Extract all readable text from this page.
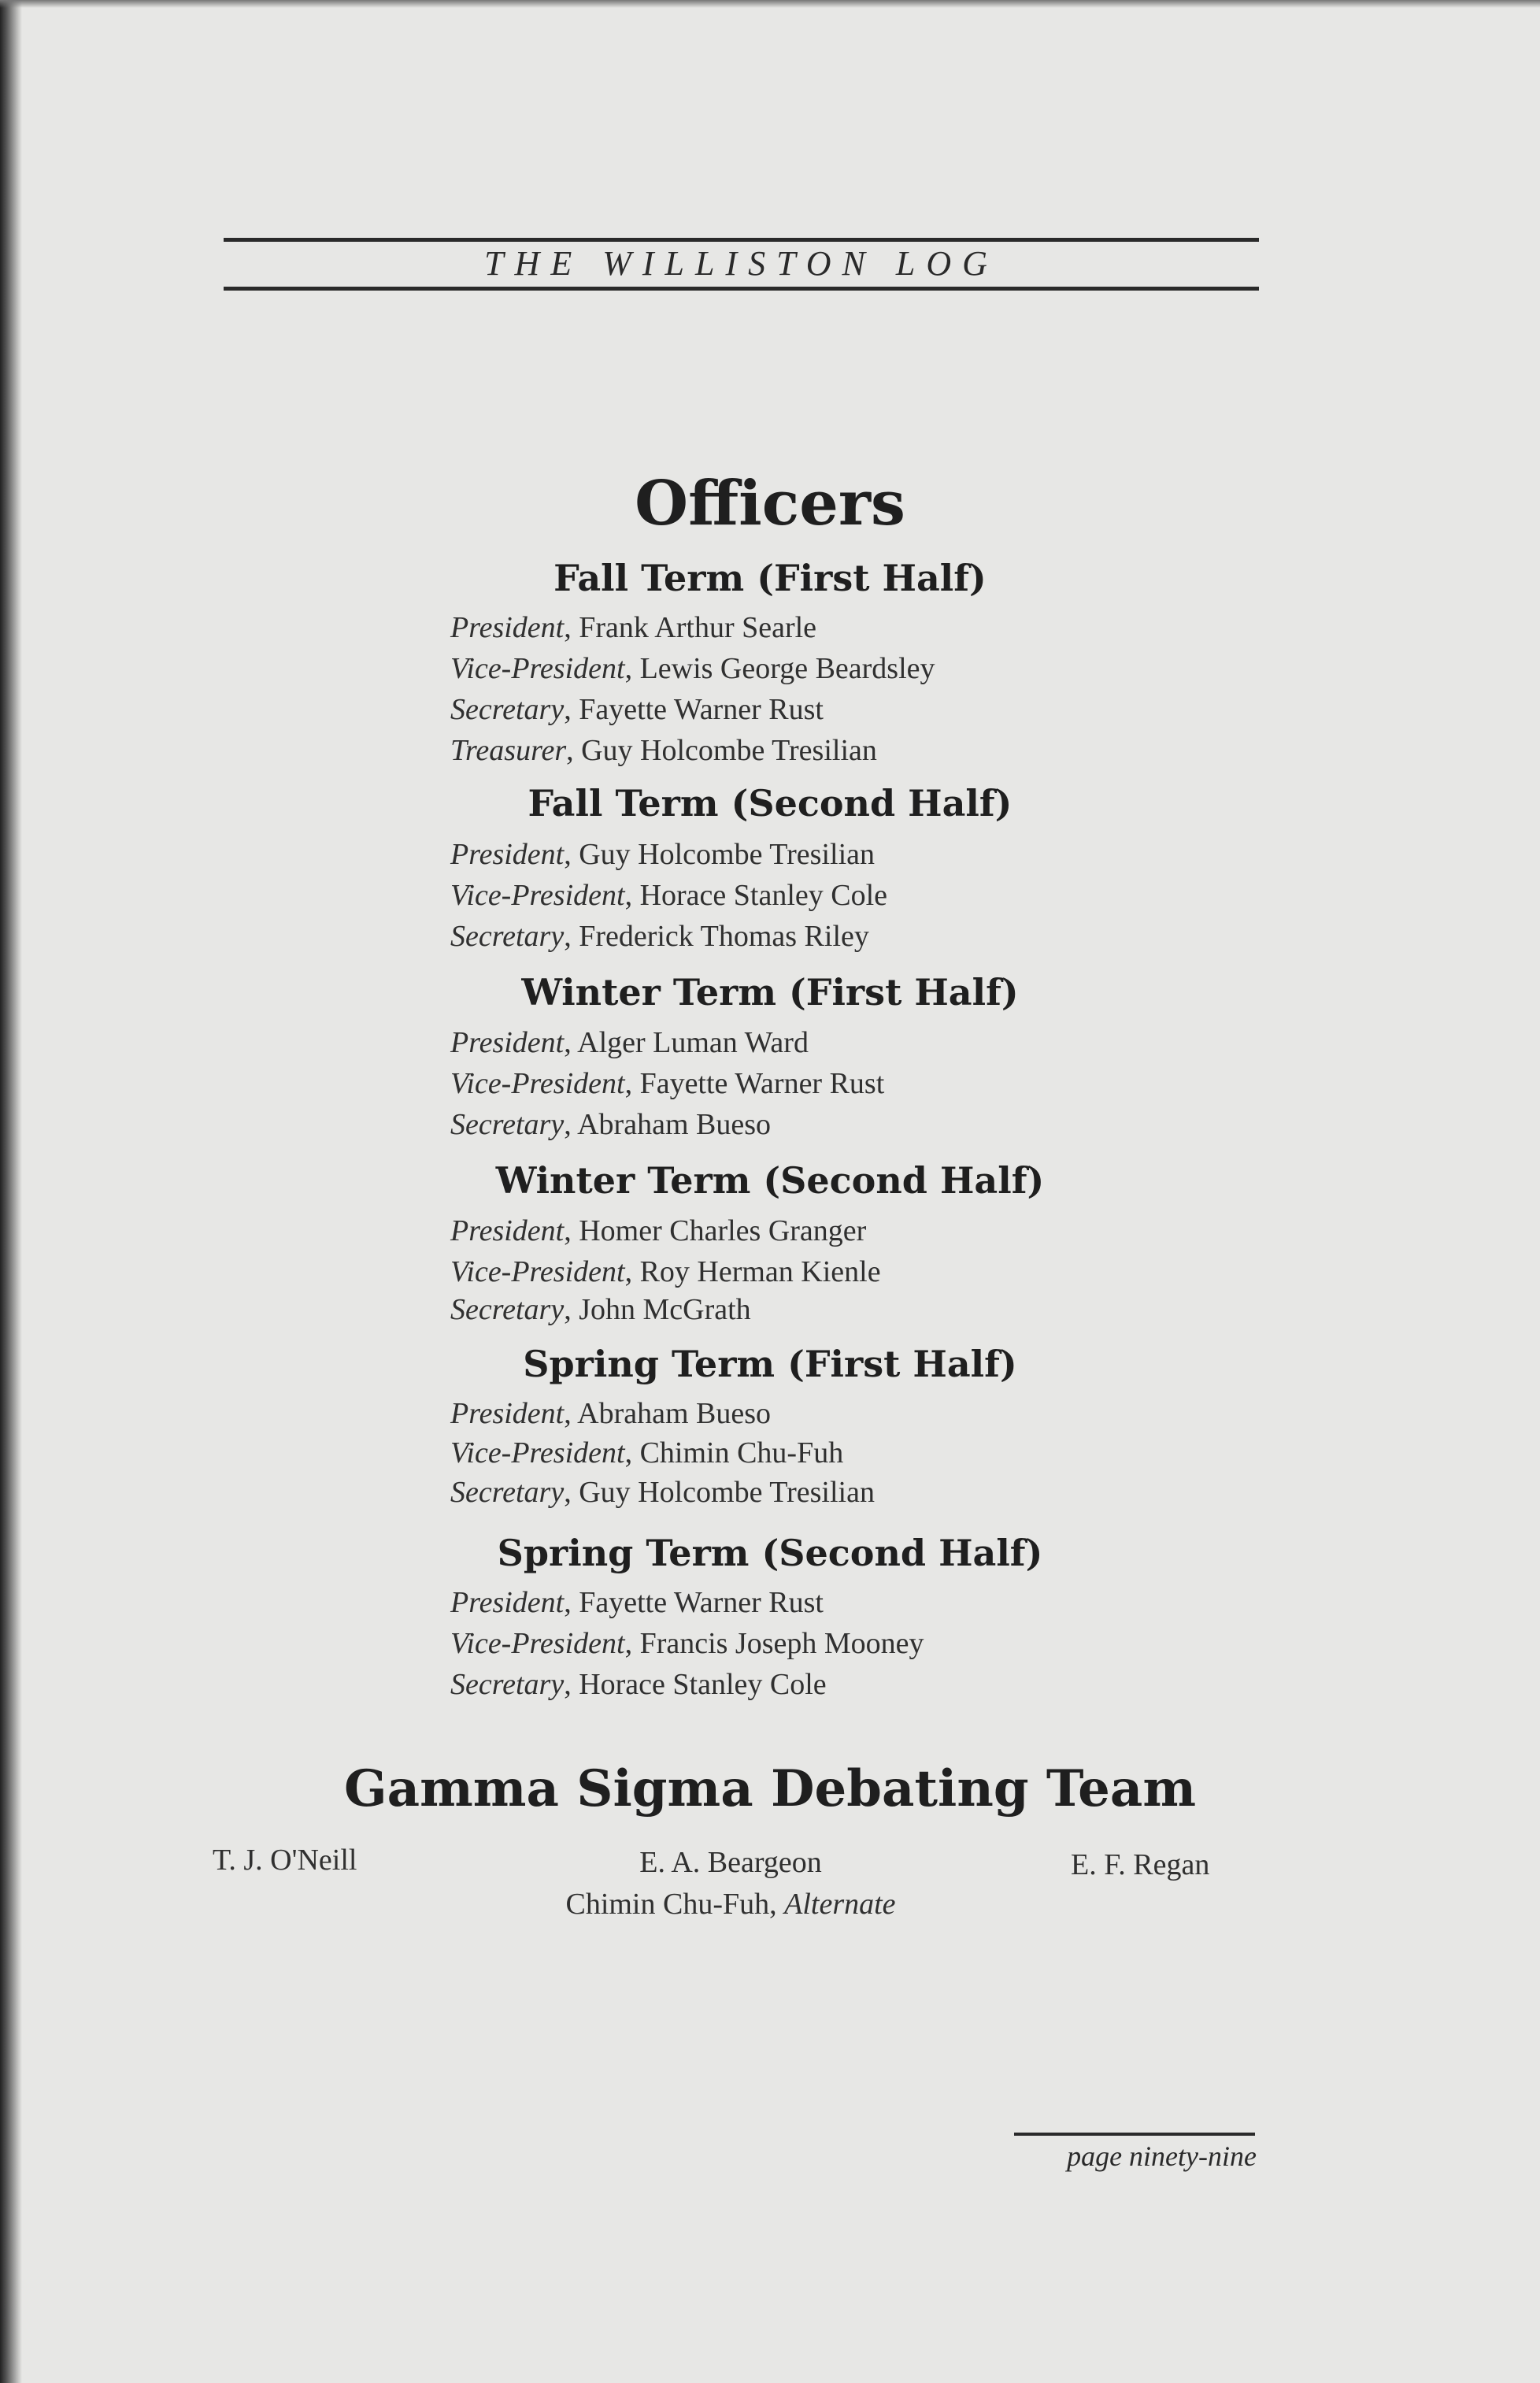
THE WILLISTON LOG
Officers
Fall Term (First Half)
President, Frank Arthur Searle
Vice-President, Lewis George Beardsley
Secretary, Fayette Warner Rust
Treasurer, Guy Holcombe Tresilian
Fall Term (Second Half)
President, Guy Holcombe Tresilian
Vice-President, Horace Stanley Cole
Secretary, Frederick Thomas Riley
Winter Term (First Half)
President, Alger Luman Ward
Vice-President, Fayette Warner Rust
Secretary, Abraham Bueso
Winter Term (Second Half)
President, Homer Charles Granger
Vice-President, Roy Herman Kienle
Secretary, John McGrath
Spring Term (First Half)
President, Abraham Bueso
Vice-President, Chimin Chu-Fuh
Secretary, Guy Holcombe Tresilian
Spring Term (Second Half)
President, Fayette Warner Rust
Vice-President, Francis Joseph Mooney
Secretary, Horace Stanley Cole
Gamma Sigma Debating Team
T. J. O'Neill	E. A. Beargeon	E. F. Regan
Chimin Chu-Fuh, Alternate
page ninety-nine
